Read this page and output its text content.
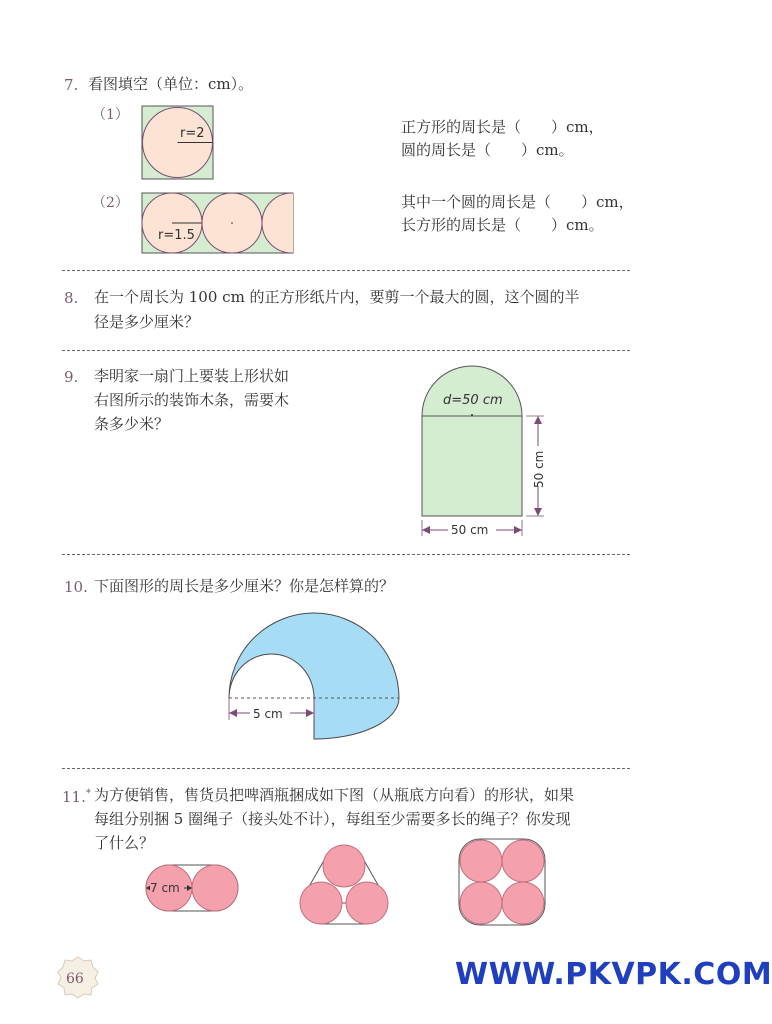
7. 看图填空（单位：cm）。
（1）
r=2	正方形的周长是（　　）cm，
圆的周长是（　　）cm。
（2）
r=1.5
其中一个圆的周长是（　　）cm，
长方形的周长是（　　）cm。
8. 在一个周长为 100 cm 的正方形纸片内，要剪一个最大的圆，这个圆的半
径是多少厘米？
9. 李明家一扇门上要装上形状如
右图所示的装饰木条，需要木
条多少米？
d=50 cm
50 cm
50 cm
10. 下面图形的周长是多少厘米？你是怎样算的？
5 cm
11.* 为方便销售，售货员把啤酒瓶捆成如下图（从瓶底方向看）的形状，如果
每组分别捆 5 圈绳子（接头处不计），每组至少需要多长的绳子？你发现
了什么？
7 cm
66	WWW.PKVPK.COM
